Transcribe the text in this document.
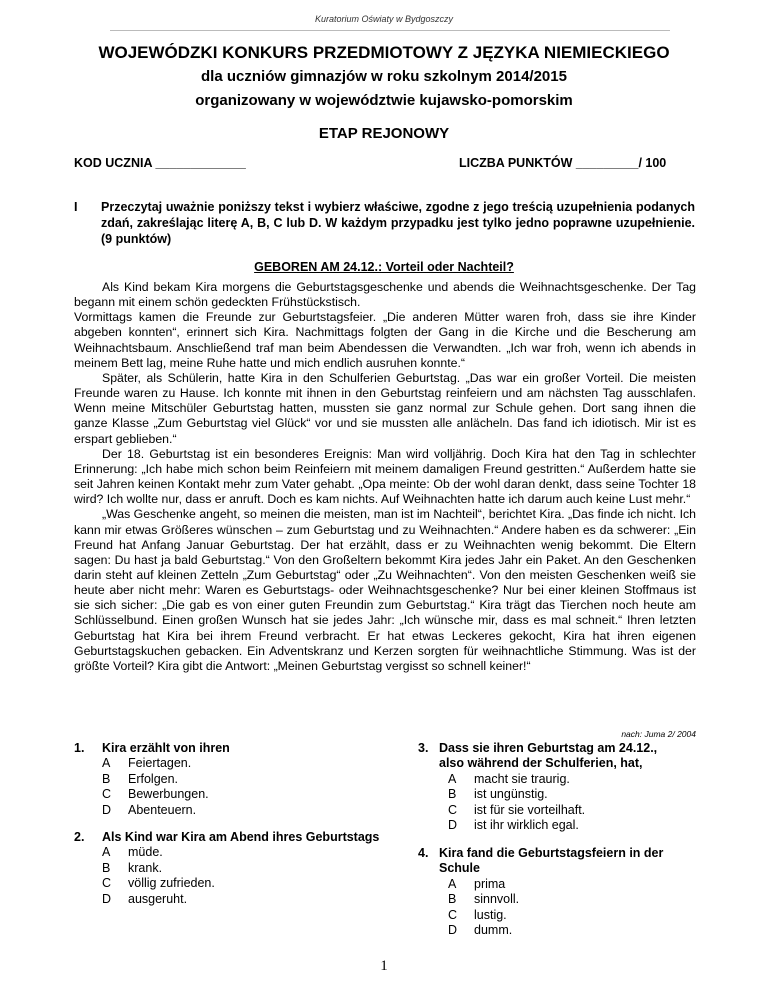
Kuratorium Oświaty w Bydgoszczy
WOJEWÓDZKI KONKURS PRZEDMIOTOWY Z JĘZYKA NIEMIECKIEGO
dla uczniów gimnazjów w roku szkolnym 2014/2015
organizowany w województwie kujawsko-pomorskim
ETAP REJONOWY
KOD UCZNIA _____________	LICZBA PUNKTÓW _________/ 100
I Przeczytaj uważnie poniższy tekst i wybierz właściwe, zgodne z jego treścią uzupełnienia podanych zdań, zakreślając literę A, B, C lub D. W każdym przypadku jest tylko jedno poprawne uzupełnienie. (9 punktów)
GEBOREN AM 24.12.: Vorteil oder Nachteil?

Als Kind bekam Kira morgens die Geburtstagsgeschenke und abends die Weihnachtsgeschenke. Der Tag begann mit einem schön gedeckten Frühstückstisch.

Vormittags kamen die Freunde zur Geburtstagsfeier. „Die anderen Mütter waren froh, dass sie ihre Kinder abgeben konnten“, erinnert sich Kira. Nachmittags folgten der Gang in die Kirche und die Bescherung am Weihnachtsbaum. Anschließend traf man beim Abendessen die Verwandten. „Ich war froh, wenn ich abends in meinem Bett lag, meine Ruhe hatte und mich endlich ausruhen konnte.“

Später, als Schülerin, hatte Kira in den Schulferien Geburtstag. „Das war ein großer Vorteil. Die meisten Freunde waren zu Hause. Ich konnte mit ihnen in den Geburtstag reinfeiern und am nächsten Tag ausschlafen. Wenn meine Mitschüler Geburtstag hatten, mussten sie ganz normal zur Schule gehen. Dort sang ihnen die ganze Klasse „Zum Geburtstag viel Glück“ vor und sie mussten alle anlächeln. Das fand ich idiotisch. Mir ist es erspart geblieben.“

Der 18. Geburtstag ist ein besonderes Ereignis: Man wird volljährig. Doch Kira hat den Tag in schlechter Erinnerung: „Ich habe mich schon beim Reinfeiern mit meinem damaligen Freund gestritten.“ Außerdem hatte sie seit Jahren keinen Kontakt mehr zum Vater gehabt. „Opa meinte: Ob der wohl daran denkt, dass seine Tochter 18 wird? Ich wollte nur, dass er anruft. Doch es kam nichts. Auf Weihnachten hatte ich darum auch keine Lust mehr.“

„Was Geschenke angeht, so meinen die meisten, man ist im Nachteil“, berichtet Kira. „Das finde ich nicht. Ich kann mir etwas Größeres wünschen – zum Geburtstag und zu Weihnachten.“ Andere haben es da schwerer: „Ein Freund hat Anfang Januar Geburtstag. Der hat erzählt, dass er zu Weihnachten wenig bekommt. Die Eltern sagen: Du hast ja bald Geburtstag.“ Von den Großeltern bekommt Kira jedes Jahr ein Paket. An den Geschenken darin steht auf kleinen Zetteln „Zum Geburtstag“ oder „Zu Weihnachten“. Von den meisten Geschenken weiß sie heute aber nicht mehr: Waren es Geburtstags- oder Weihnachtsgeschenke? Nur bei einer kleinen Stoffmaus ist sie sich sicher: „Die gab es von einer guten Freundin zum Geburtstag.“ Kira trägt das Tierchen noch heute am Schlüsselbund. Einen großen Wunsch hat sie jedes Jahr: „Ich wünsche mir, dass es mal schneit.“ Ihren letzten Geburtstag hat Kira bei ihrem Freund verbracht. Er hat etwas Leckeres gekocht, Kira hat ihren eigenen Geburtstagskuchen gebacken. Ein Adventskranz und Kerzen sorgten für weihnachtliche Stimmung. Was ist der größte Vorteil? Kira gibt die Antwort: „Meinen Geburtstag vergisst so schnell keiner!“

nach: Juma 2/ 2004
1. Kira erzählt von ihren
A Feiertagen.
B Erfolgen.
C Bewerbungen.
D Abenteuern.
2. Als Kind war Kira am Abend ihres Geburtstags
A müde.
B krank.
C völlig zufrieden.
D ausgeruht.
3. Dass sie ihren Geburtstag am 24.12.,
also während der Schulferien, hat,
A macht sie traurig.
B ist ungünstig.
C ist für sie vorteilhaft.
D ist ihr wirklich egal.
4. Kira fand die Geburtstagsfeiern in der
Schule
A prima
B sinnvoll.
C lustig.
D dumm.
1
